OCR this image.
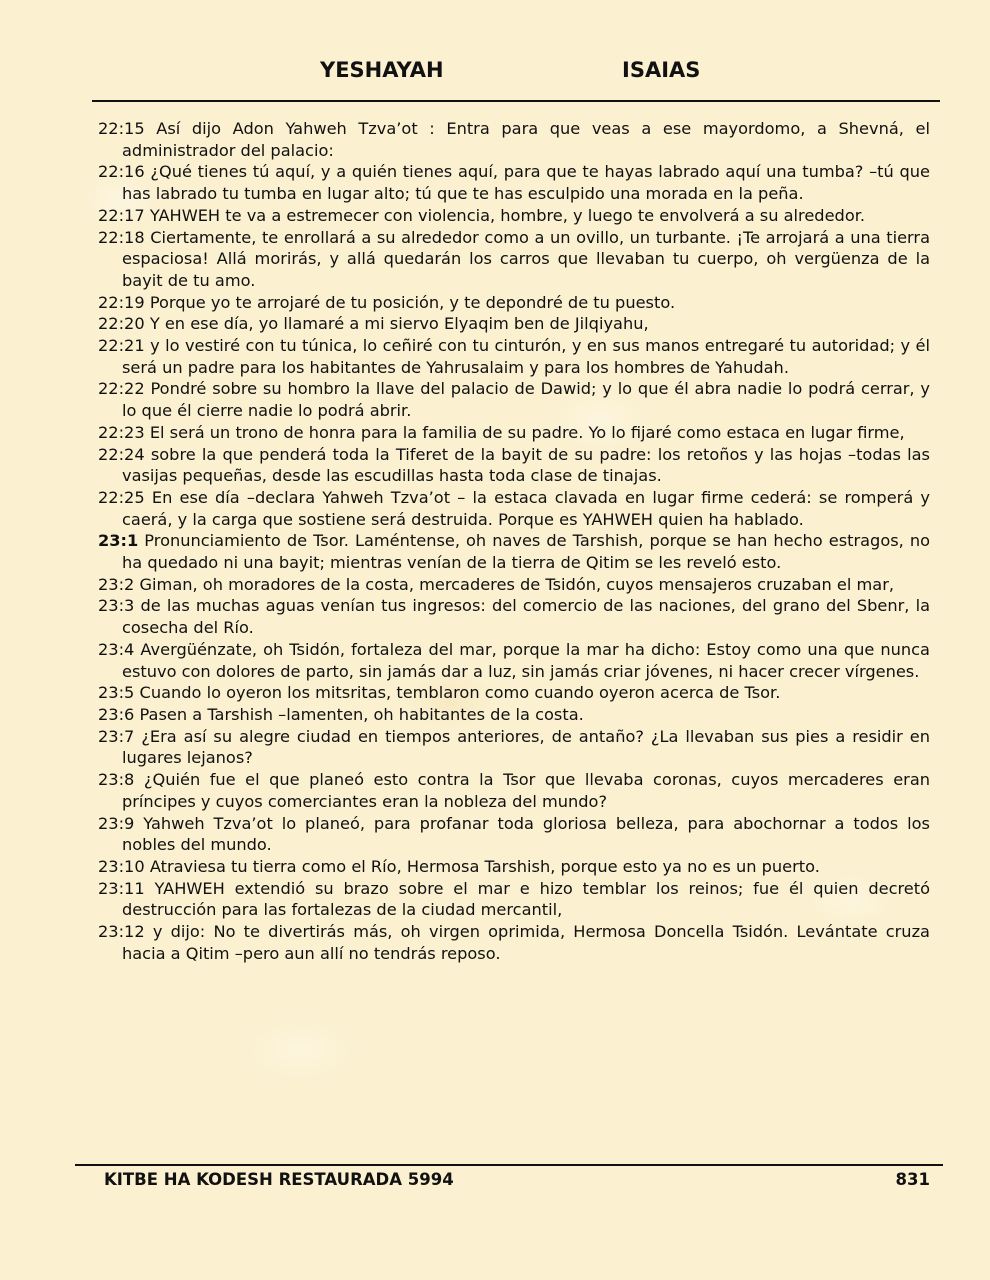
YESHAYAH	ISAIAS

22:15 Así dijo Adon Yahweh Tzva’ot : Entra para que veas a ese mayordomo, a Shevná, el administrador del palacio:

22:16 ¿Qué tienes tú aquí, y a quién tienes aquí, para que te hayas labrado aquí una tumba? –tú que has labrado tu tumba en lugar alto; tú que te has esculpido una morada en la peña.

22:17 YAHWEH te va a estremecer con violencia, hombre, y luego te envolverá a su alrededor.

22:18 Ciertamente, te enrollará a su alrededor como a un ovillo, un turbante. ¡Te arrojará a una tierra espaciosa! Allá morirás, y allá quedarán los carros que llevaban tu cuerpo, oh vergüenza de la bayit de tu amo.

22:19 Porque yo te arrojaré de tu posición, y te depondré de tu puesto.

22:20 Y en ese día, yo llamaré a mi siervo Elyaqim ben de Jilqiyahu,

22:21 y lo vestiré con tu túnica, lo ceñiré con tu cinturón, y en sus manos entregaré tu autoridad; y él será un padre para los habitantes de Yahrusalaim y para los hombres de Yahudah.

22:22 Pondré sobre su hombro la llave del palacio de Dawid; y lo que él abra nadie lo podrá cerrar, y lo que él cierre nadie lo podrá abrir.

22:23 El será un trono de honra para la familia de su padre. Yo lo fijaré como estaca en lugar firme,

22:24 sobre la que penderá toda la Tiferet de la bayit de su padre: los retoños y las hojas –todas las vasijas pequeñas, desde las escudillas hasta toda clase de tinajas.

22:25 En ese día –declara Yahweh Tzva’ot – la estaca clavada en lugar firme cederá: se romperá y caerá, y la carga que sostiene será destruida. Porque es YAHWEH quien ha hablado.

23:1 Pronunciamiento de Tsor. Laméntense, oh naves de Tarshish, porque se han hecho estragos, no ha quedado ni una bayit; mientras venían de la tierra de Qitim se les reveló esto.

23:2 Giman, oh moradores de la costa, mercaderes de Tsidón, cuyos mensajeros cruzaban el mar,

23:3 de las muchas aguas venían tus ingresos: del comercio de las naciones, del grano del Sbenr, la cosecha del Río.

23:4 Avergüénzate, oh Tsidón, fortaleza del mar, porque la mar ha dicho: Estoy como una que nunca estuvo con dolores de parto, sin jamás dar a luz, sin jamás criar jóvenes, ni hacer crecer vírgenes.

23:5 Cuando lo oyeron los mitsritas, temblaron como cuando oyeron acerca de Tsor.

23:6 Pasen a Tarshish –lamenten, oh habitantes de la costa.

23:7 ¿Era así su alegre ciudad en tiempos anteriores, de antaño? ¿La llevaban sus pies a residir en lugares lejanos?

23:8 ¿Quién fue el que planeó esto contra la Tsor que llevaba coronas, cuyos mercaderes eran príncipes y cuyos comerciantes eran la nobleza del mundo?

23:9 Yahweh Tzva’ot lo planeó, para profanar toda gloriosa belleza, para abochornar a todos los nobles del mundo.

23:10 Atraviesa tu tierra como el Río, Hermosa Tarshish, porque esto ya no es un puerto.

23:11 YAHWEH extendió su brazo sobre el mar e hizo temblar los reinos; fue él quien decretó destrucción para las fortalezas de la ciudad mercantil,

23:12 y dijo: No te divertirás más, oh virgen oprimida, Hermosa Doncella Tsidón. Levántate cruza hacia a Qitim –pero aun allí no tendrás reposo.

KITBE HA KODESH RESTAURADA 5994	831
